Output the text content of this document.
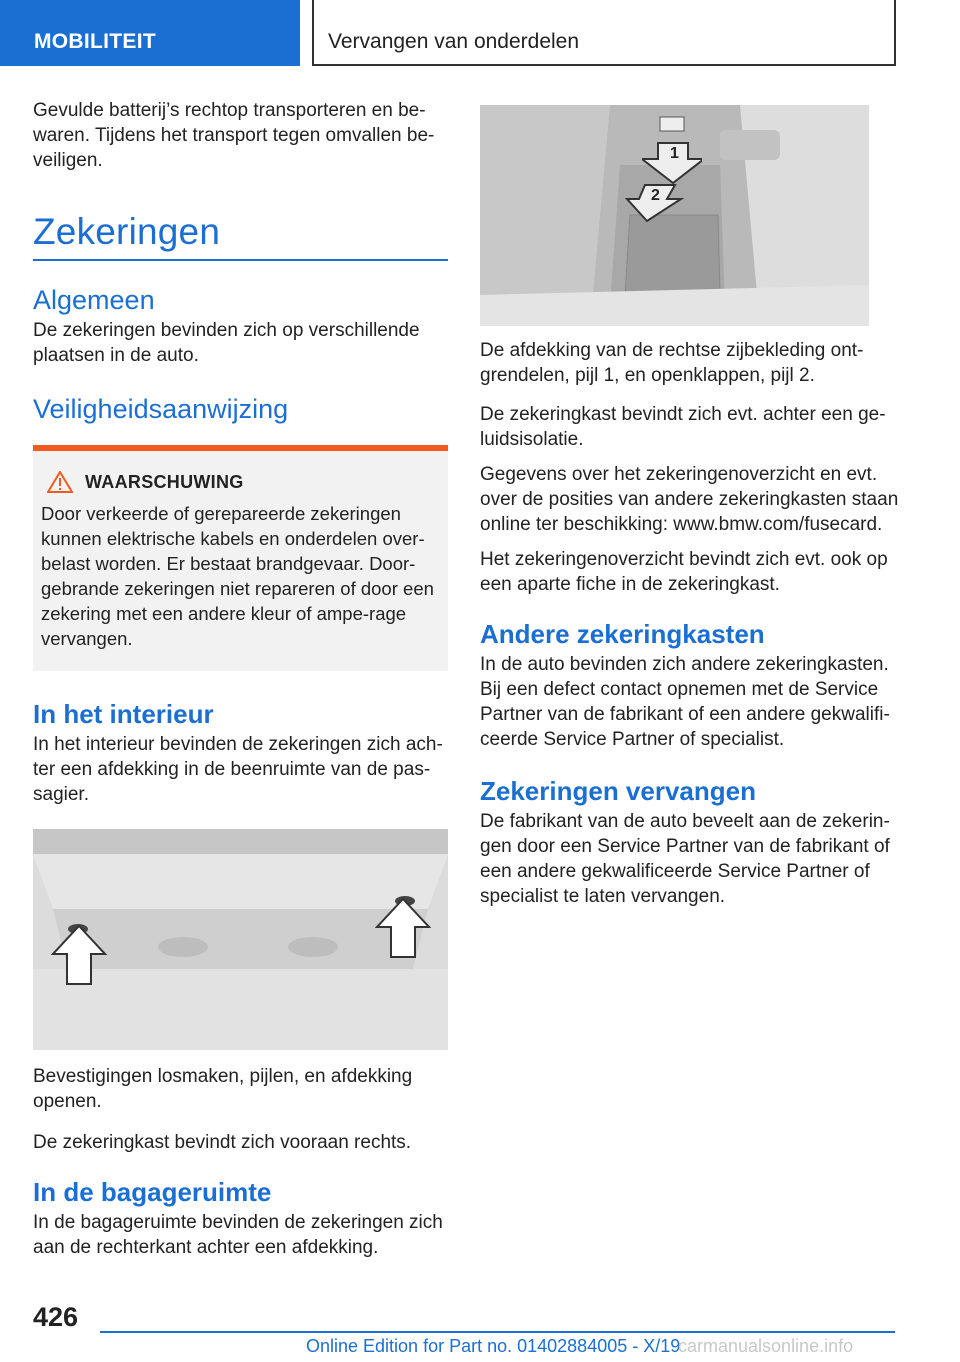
MOBILITEIT	Vervangen van onderdelen

Gevulde batterij’s rechtop transporteren en be-waren. Tijdens het transport tegen omvallen be-veiligen.

Zekeringen
Algemeen

De zekeringen bevinden zich op verschillende plaatsen in de auto.

Veiligheidsaanwijzing
WAARSCHUWING

Door verkeerde of gerepareerde zekeringen kunnen elektrische kabels en onderdelen over-belast worden. Er bestaat brandgevaar. Door-gebrande zekeringen niet repareren of door een zekering met een andere kleur of ampe-rage vervangen.

In het interieur

In het interieur bevinden de zekeringen zich ach-ter een afdekking in de beenruimte van de pas-sagier.

Bevestigingen losmaken, pijlen, en afdekking openen.

De zekeringkast bevindt zich vooraan rechts.

In de bagageruimte

In de bagageruimte bevinden de zekeringen zich aan de rechterkant achter een afdekking.

1
2

De afdekking van de rechtse zijbekleding ont-grendelen, pijl 1, en openklappen, pijl 2.

De zekeringkast bevindt zich evt. achter een ge-luidsisolatie.

Gegevens over het zekeringenoverzicht en evt. over de posities van andere zekeringkasten staan online ter beschikking: www.bmw.com/fusecard.

Het zekeringenoverzicht bevindt zich evt. ook op een aparte fiche in de zekeringkast.

Andere zekeringkasten

In de auto bevinden zich andere zekeringkasten. Bij een defect contact opnemen met de Service Partner van de fabrikant of een andere gekwalifi-ceerde Service Partner of specialist.

Zekeringen vervangen

De fabrikant van de auto beveelt aan de zekerin-gen door een Service Partner van de fabrikant of een andere gekwalificeerde Service Partner of specialist te laten vervangen.

426
Online Edition for Part no. 01402884005 - X/19
carmanualsonline.info
